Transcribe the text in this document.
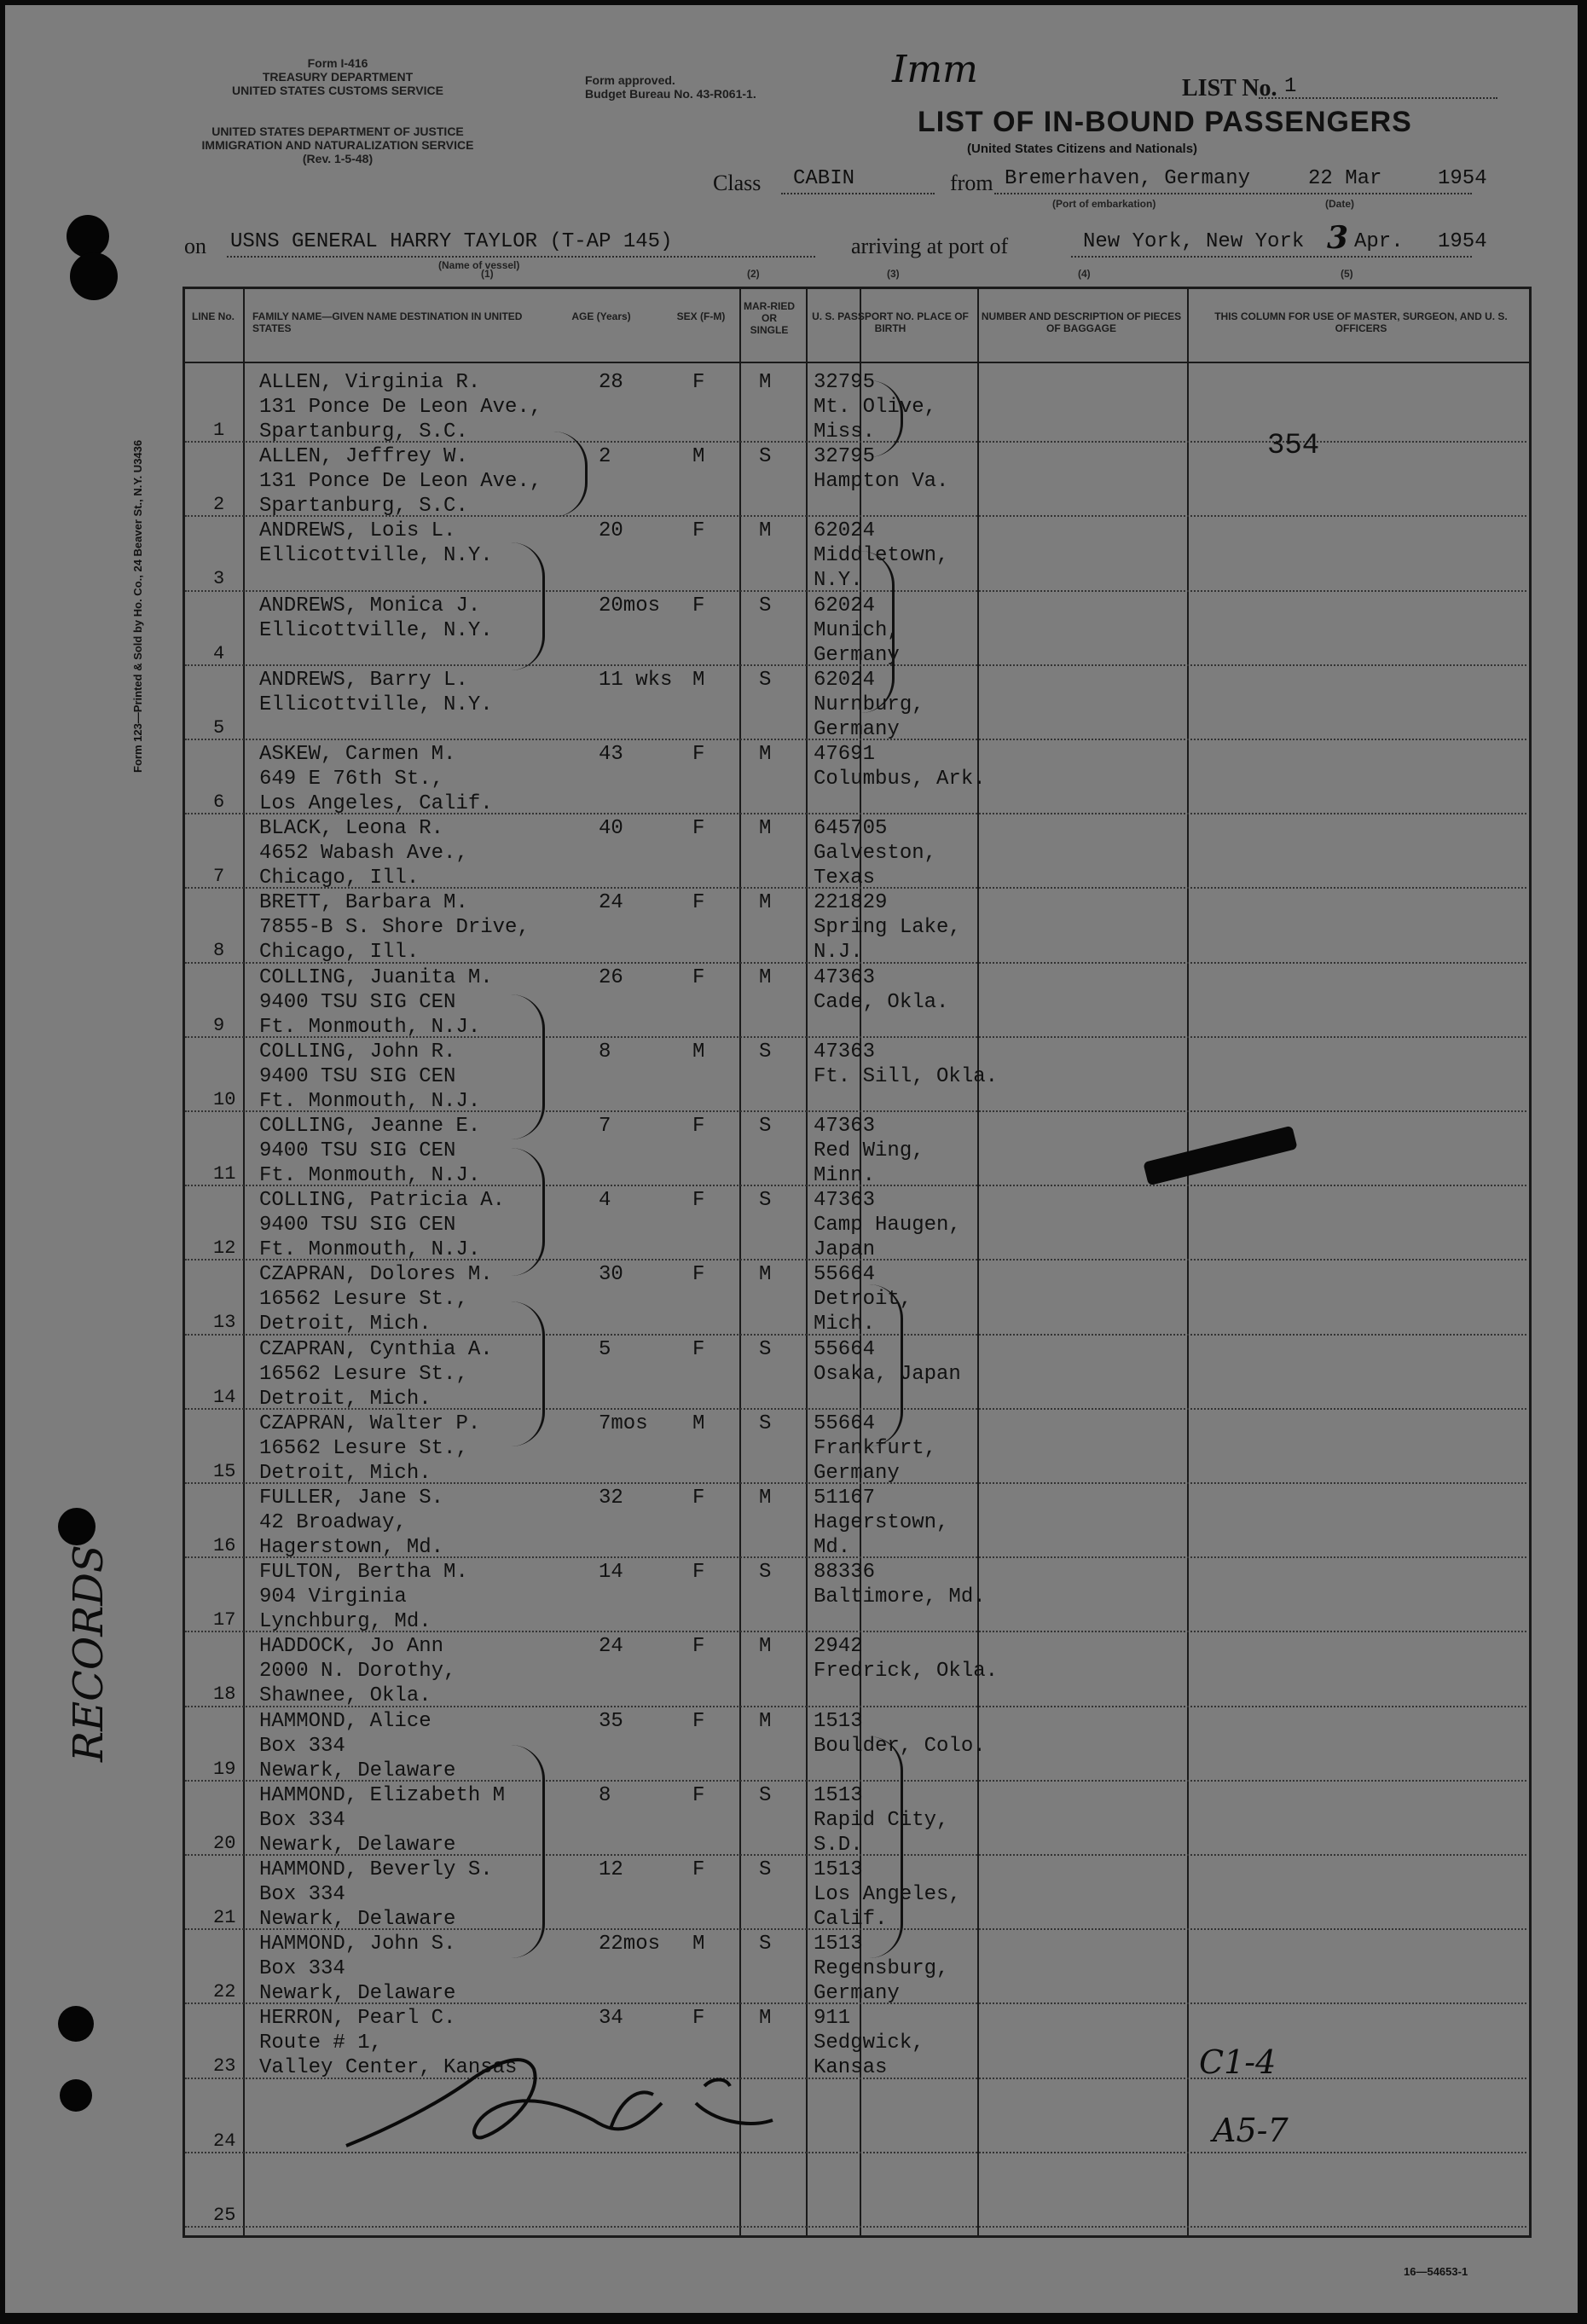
Form 123—Printed & Sold by Ho. Co., 24 Beaver St., N.Y. U3436
Form I-416
TREASURY DEPARTMENT
UNITED STATES CUSTOMS SERVICE
UNITED STATES DEPARTMENT OF JUSTICE
IMMIGRATION AND NATURALIZATION SERVICE
(Rev. 1-5-48)
Form approved.
Budget Bureau No. 43-R061-1.
Imm	LIST No. 1
LIST OF IN-BOUND PASSENGERS
(United States Citizens and Nationals)
Class CABIN	from Bremerhaven, Germany
(Port of embarkation)
22 Mar
(Date)
1954
on USNS GENERAL HARRY TAYLOR (T-AP 145)
(Name of vessel)
arriving at port of	New York, New York 3 Apr. 1954
(1)	(2)	(3)	(4)	(5)
LINE No.	FAMILY NAME—GIVEN NAME DESTINATION IN UNITED STATES
AGE (Years)	SEX (F-M)
MAR-RIED OR SINGLE
U. S. PASSPORT NO. PLACE OF BIRTH
NUMBER AND DESCRIPTION OF PIECES OF BAGGAGE
THIS COLUMN FOR USE OF MASTER, SURGEON, AND U. S. OFFICERS
1
ALLEN, Virginia R.
131 Ponce De Leon Ave.,
Spartanburg, S.C.
28	F	M 32795
Mt. Olive,
Miss.
2
ALLEN, Jeffrey W.
131 Ponce De Leon Ave.,
Spartanburg, S.C.
2	M	S 32795
Hampton Va.
3
ANDREWS, Lois L.
Ellicottville, N.Y.
20	F	M 62024
Middletown,
N.Y.
4
ANDREWS, Monica J.
Ellicottville, N.Y.
20mos F	S 62024
Munich,
Germany
5
ANDREWS, Barry L.
Ellicottville, N.Y.
11 wks M	S 62024
Nurnburg,
Germany
6
ASKEW, Carmen M.
649 E 76th St.,
Los Angeles, Calif.
43	F	M 47691
Columbus, Ark.
7
BLACK, Leona R.
4652 Wabash Ave.,
Chicago, Ill.
40	F	M 645705
Galveston,
Texas
8
BRETT, Barbara M.
7855-B S. Shore Drive,
Chicago, Ill.
24	F	M 221829
Spring Lake,
N.J.
9
COLLING, Juanita M.
9400 TSU SIG CEN
Ft. Monmouth, N.J.
26	F	M 47363
Cade, Okla.
10
COLLING, John R.
9400 TSU SIG CEN
Ft. Monmouth, N.J.
8	M	S 47363
Ft. Sill, Okla.
11
COLLING, Jeanne E.
9400 TSU SIG CEN
Ft. Monmouth, N.J.
7	F	S 47363
Red Wing,
Minn.
12
COLLING, Patricia A.
9400 TSU SIG CEN
Ft. Monmouth, N.J.
4	F	S 47363
Camp Haugen,
Japan
13
CZAPRAN, Dolores M.
16562 Lesure St.,
Detroit, Mich.
30	F	M 55664
Detroit,
Mich.
14
CZAPRAN, Cynthia A.
16562 Lesure St.,
Detroit, Mich.
5	F	S 55664
Osaka, Japan
15
CZAPRAN, Walter P.
16562 Lesure St.,
Detroit, Mich.
7mos M	S 55664
Frankfurt,
Germany
16
FULLER, Jane S.
42 Broadway,
Hagerstown, Md.
32	F	M 51167
Hagerstown,
Md.
17
FULTON, Bertha M.
904 Virginia
Lynchburg, Md.
14	F	S 88336
Baltimore, Md.
18
HADDOCK, Jo Ann
2000 N. Dorothy,
Shawnee, Okla.
24	F	M 2942
Fredrick, Okla.
19
HAMMOND, Alice
Box 334
Newark, Delaware
35	F	M 1513
Boulder, Colo.
20
HAMMOND, Elizabeth M
Box 334
Newark, Delaware
8	F	S 1513
Rapid City,
S.D.
21
HAMMOND, Beverly S.
Box 334
Newark, Delaware
12	F	S 1513
Los Angeles,
Calif.
22
HAMMOND, John S.
Box 334
Newark, Delaware
22mos M	S 1513
Regensburg,
Germany
23
HERRON, Pearl C.
Route # 1,
Valley Center, Kansas
34	F	M 911
Sedgwick,
Kansas
24
25
354
C1-4
A5-7
RECORDS
16—54653-1
